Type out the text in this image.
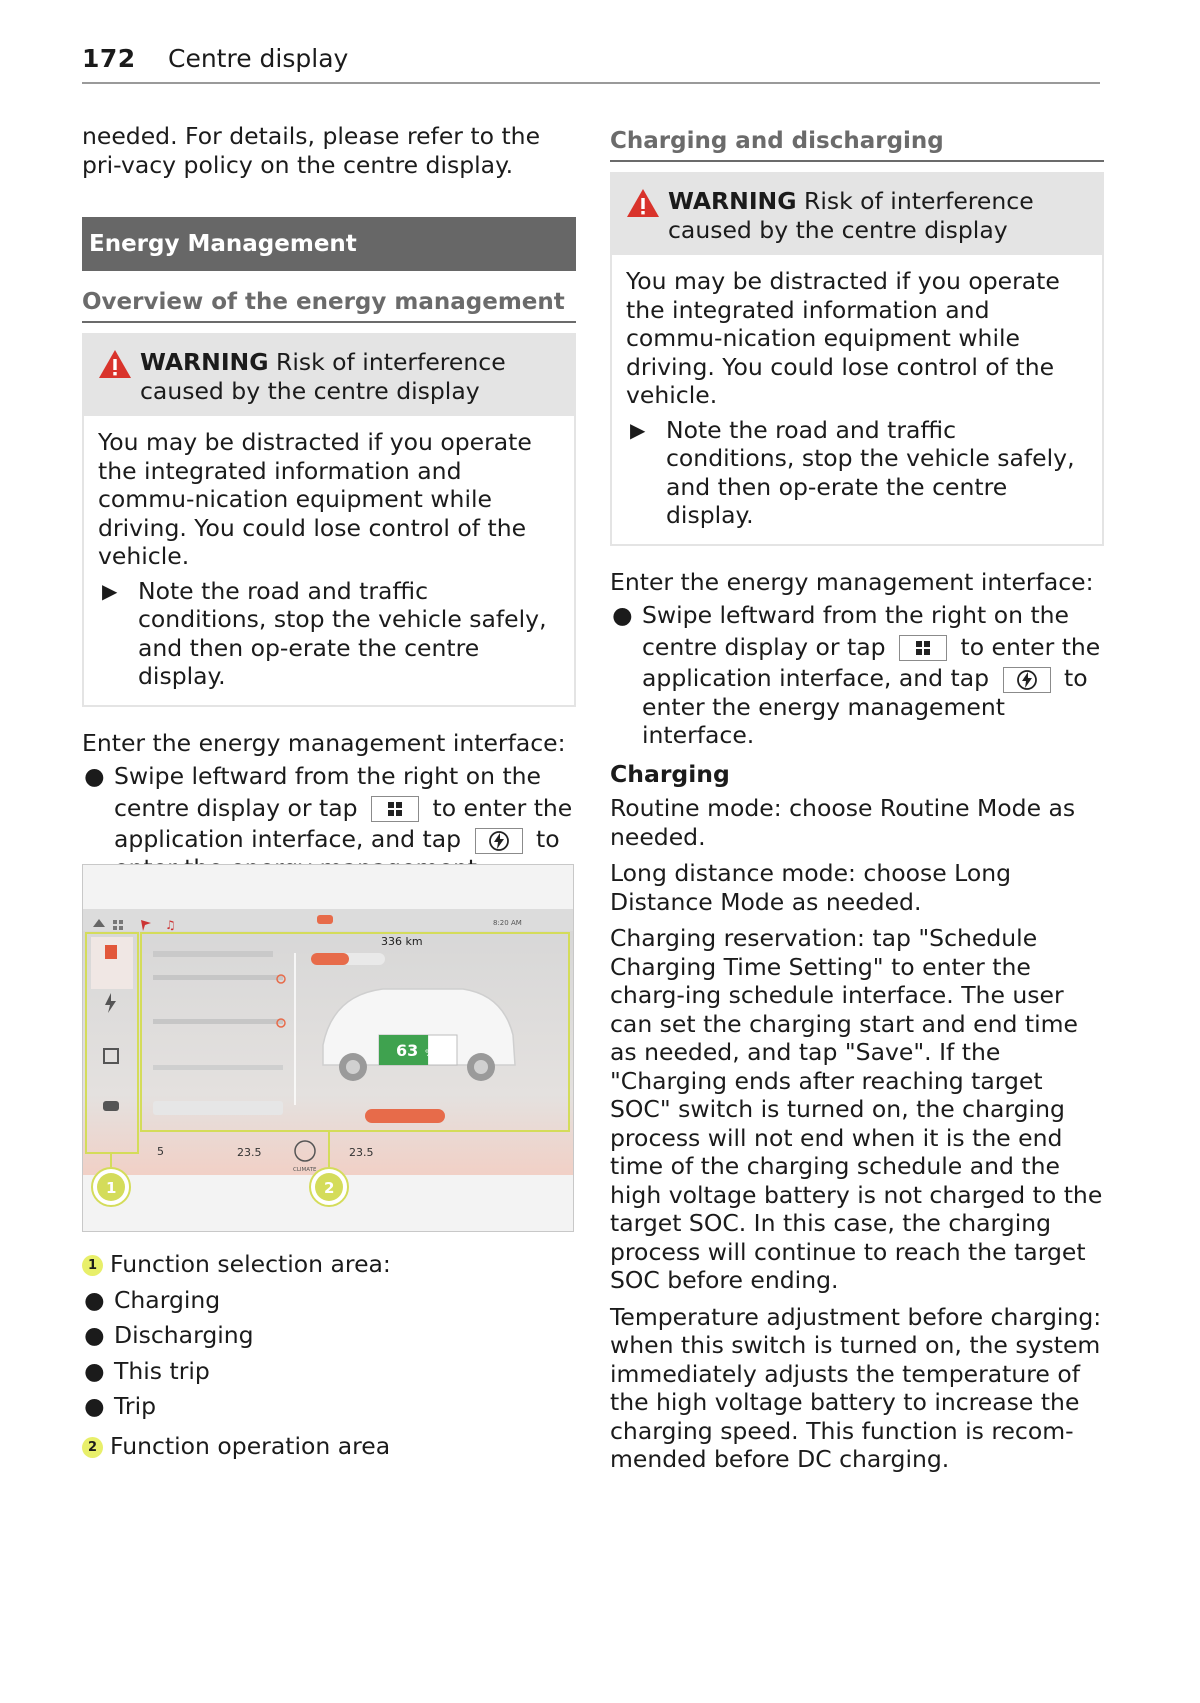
172 Centre display

needed. For details, please refer to the pri-vacy policy on the centre display.

Energy Management
Overview of the energy management
WARNING Risk of interference caused by the centre display
You may be distracted if you operate the integrated information and commu-nication equipment while driving. You could lose control of the vehicle.
▶ Note the road and traffic conditions, stop the vehicle safely, and then op-erate the centre display.

Enter the energy management interface:

● Swipe leftward from the right on the
centre display or tap	to enter the
application interface, and tap	to
♫	8:20 AM
336 km
63 %
5	23.5
CLIMATE
23.5
1	2
1 Function selection area:
● Charging
● Discharging
● This trip
● Trip
2 Function operation area
Charging and discharging
WARNING Risk of interference caused by the centre display
You may be distracted if you operate the integrated information and commu-nication equipment while driving. You could lose control of the vehicle.
▶ Note the road and traffic conditions, stop the vehicle safely, and then op-erate the centre display.

Enter the energy management interface:

● Swipe leftward from the right on the
centre display or tap	to enter the
application interface, and tap	to
enter the energy management interface.
Charging

Routine mode: choose Routine Mode as needed.

Long distance mode: choose Long Distance Mode as needed.

Charging reservation: tap "Schedule Charging Time Setting" to enter the charg-ing schedule interface. The user can set the charging start and end time as needed, and tap "Save". If the "Charging ends after reaching target SOC" switch is turned on, the charging process will not end when it is the end time of the charging schedule and the high voltage battery is not charged to the target SOC. In this case, the charging process will continue to reach the target SOC before ending.

Temperature adjustment before charging: when this switch is turned on, the system immediately adjusts the temperature of the high voltage battery to increase the charging speed. This function is recom-mended before DC charging.
